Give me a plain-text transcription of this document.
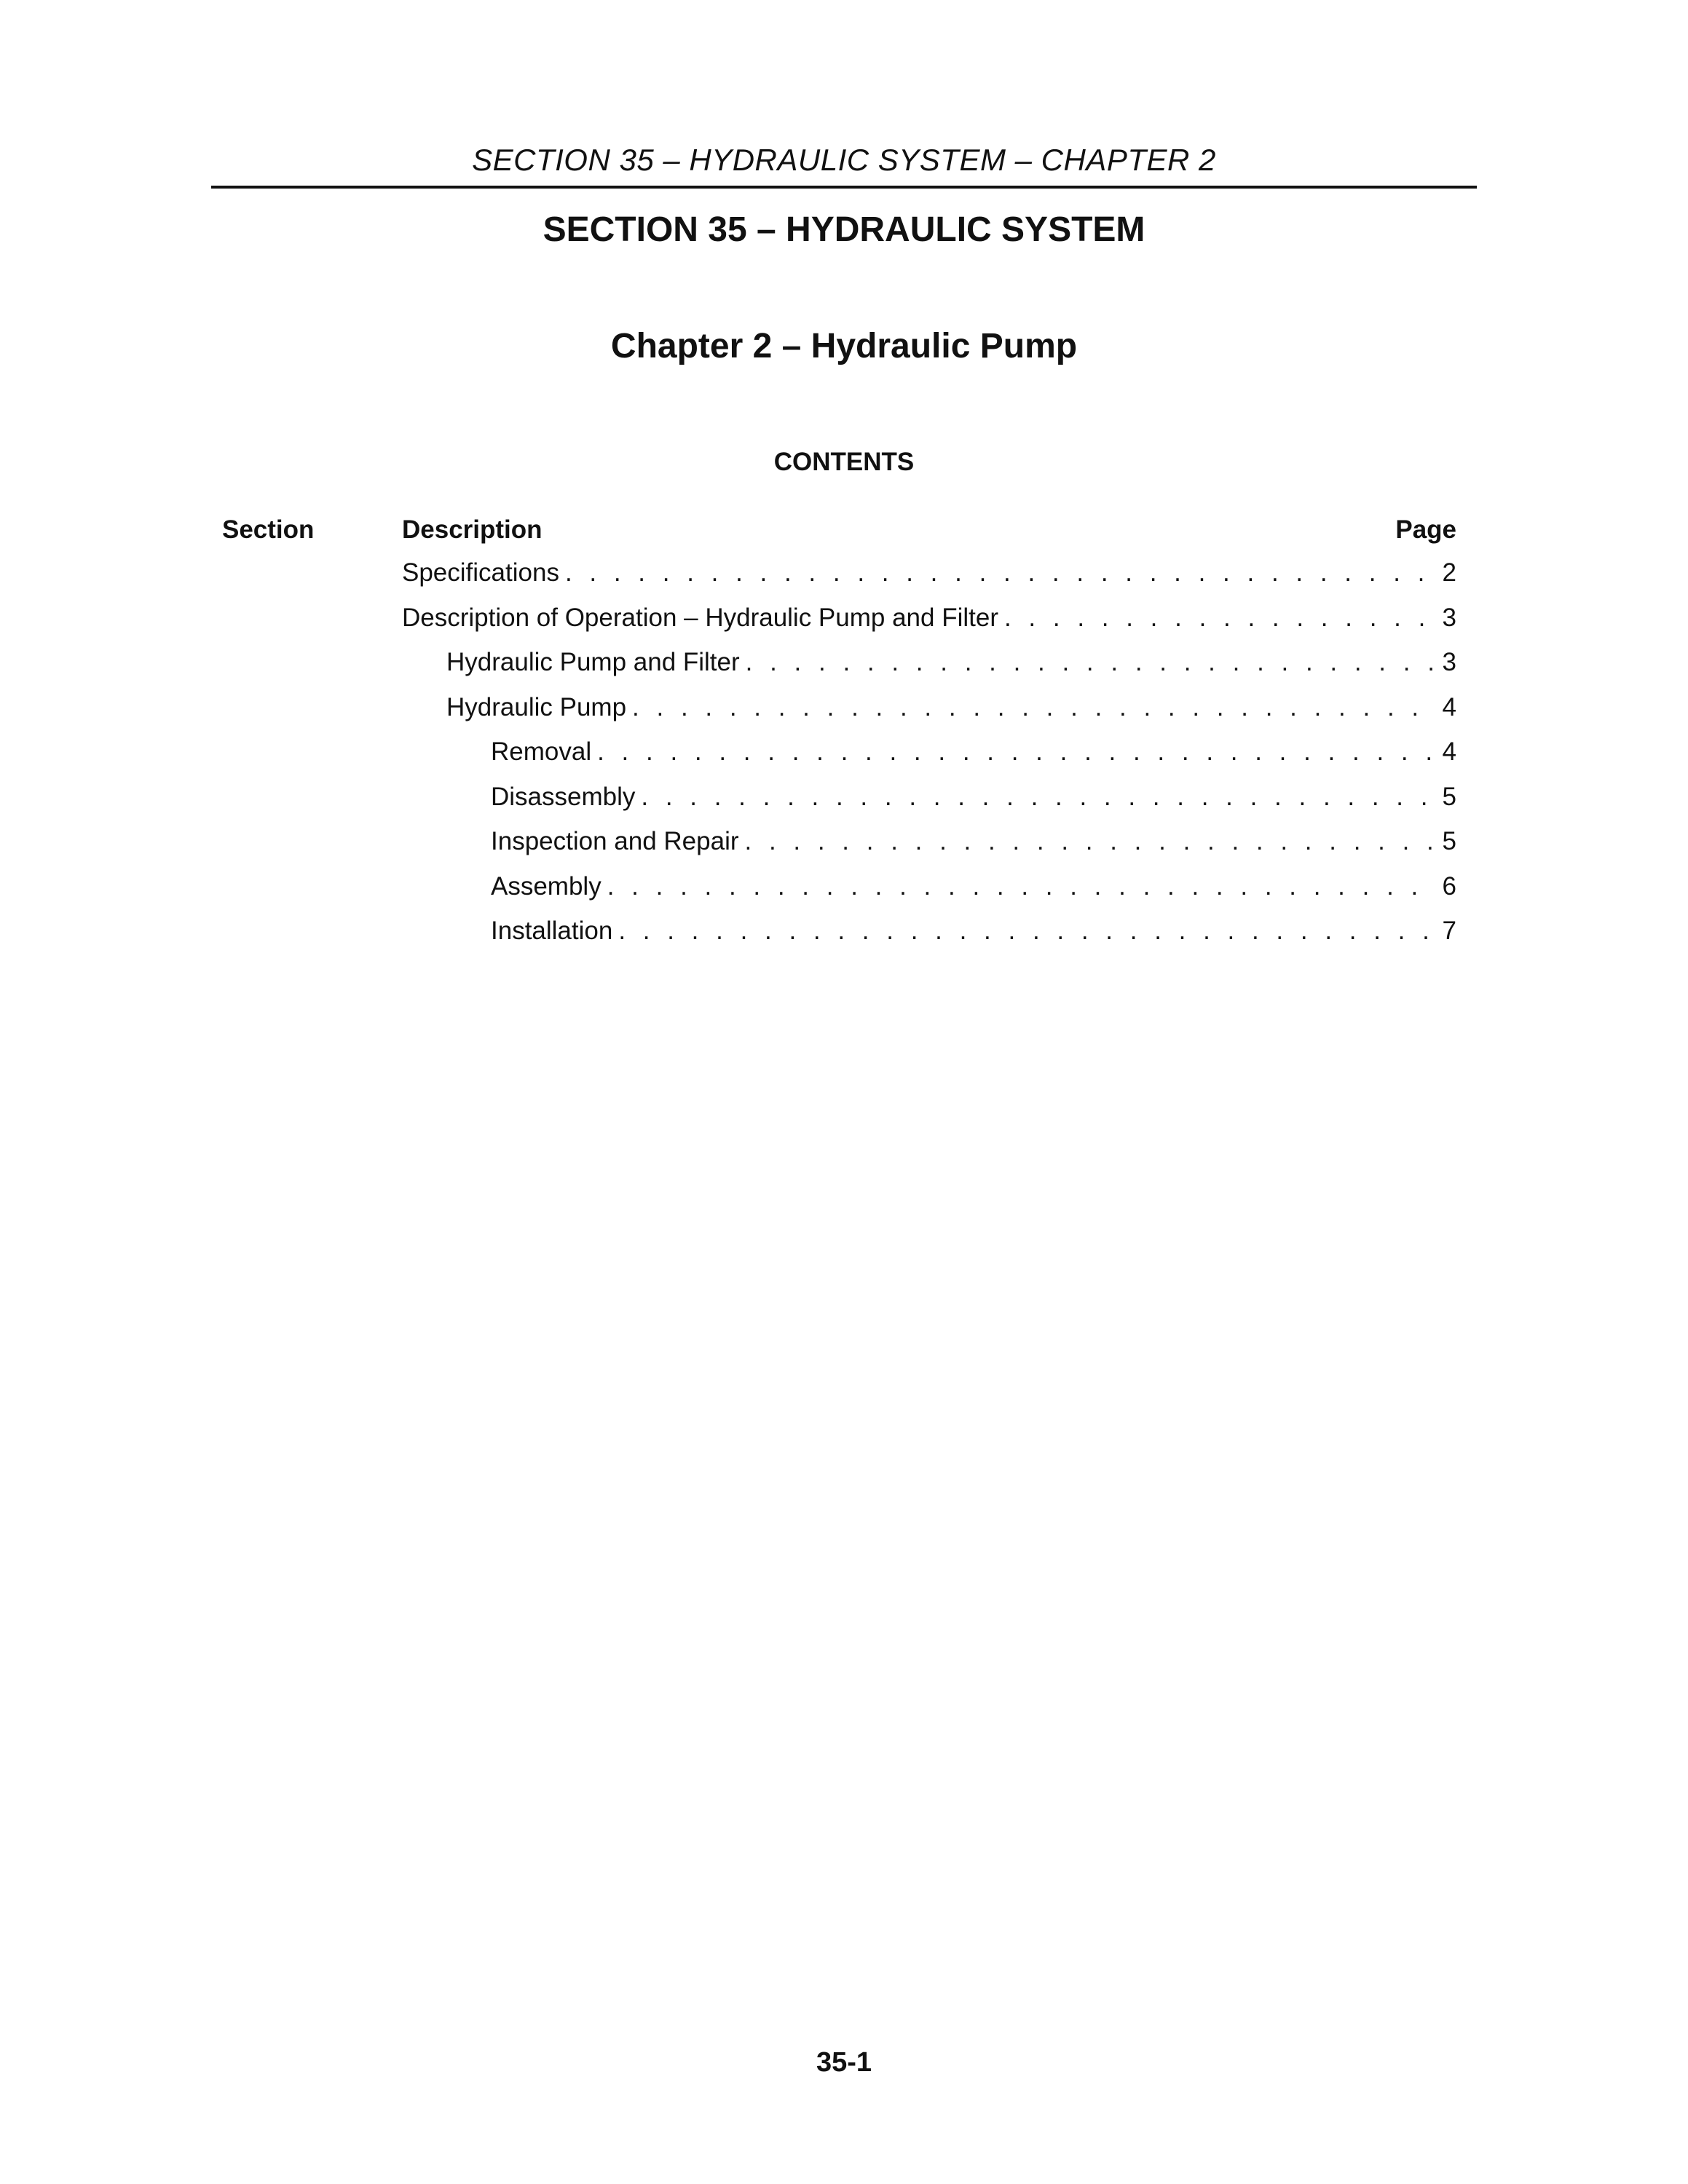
SECTION 35 – HYDRAULIC SYSTEM – CHAPTER 2
SECTION 35 – HYDRAULIC SYSTEM
Chapter 2 – Hydraulic Pump
CONTENTS
Section	Description	Page
Specifications . . .	2
Description of Operation – Hydraulic Pump and Filter . . .	3
Hydraulic Pump and Filter . . .	3
Hydraulic Pump . . .	4
Removal . . .	4
Disassembly . . .	5
Inspection and Repair . . .	5
Assembly . . .	6
Installation . . .	7
35-1
